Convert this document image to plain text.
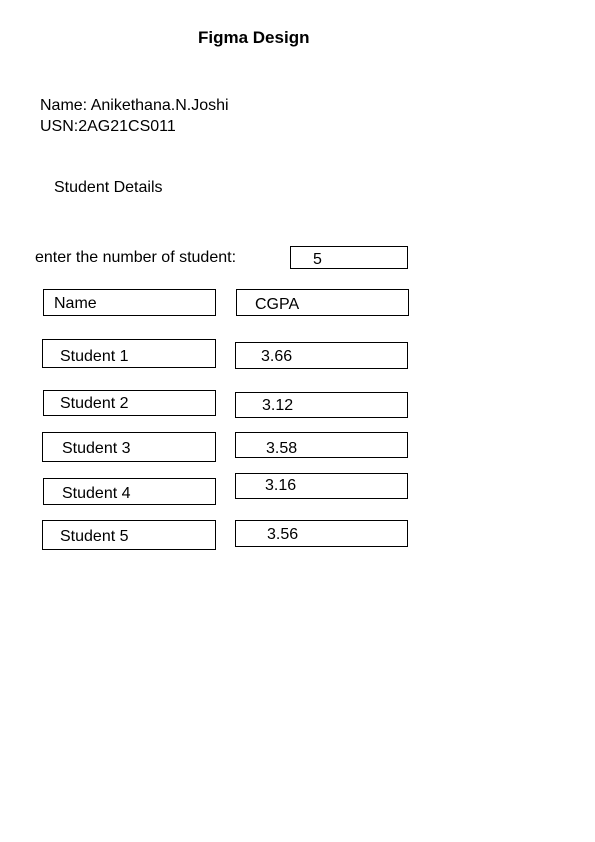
Figma Design
Name: Anikethana.N.Joshi
USN:2AG21CS011
Student Details
enter the number of student:	5
Name	CGPA
Student 1	3.66
Student 2	3.12
Student 3	3.58
Student 4	3.16
Student 5	3.56
